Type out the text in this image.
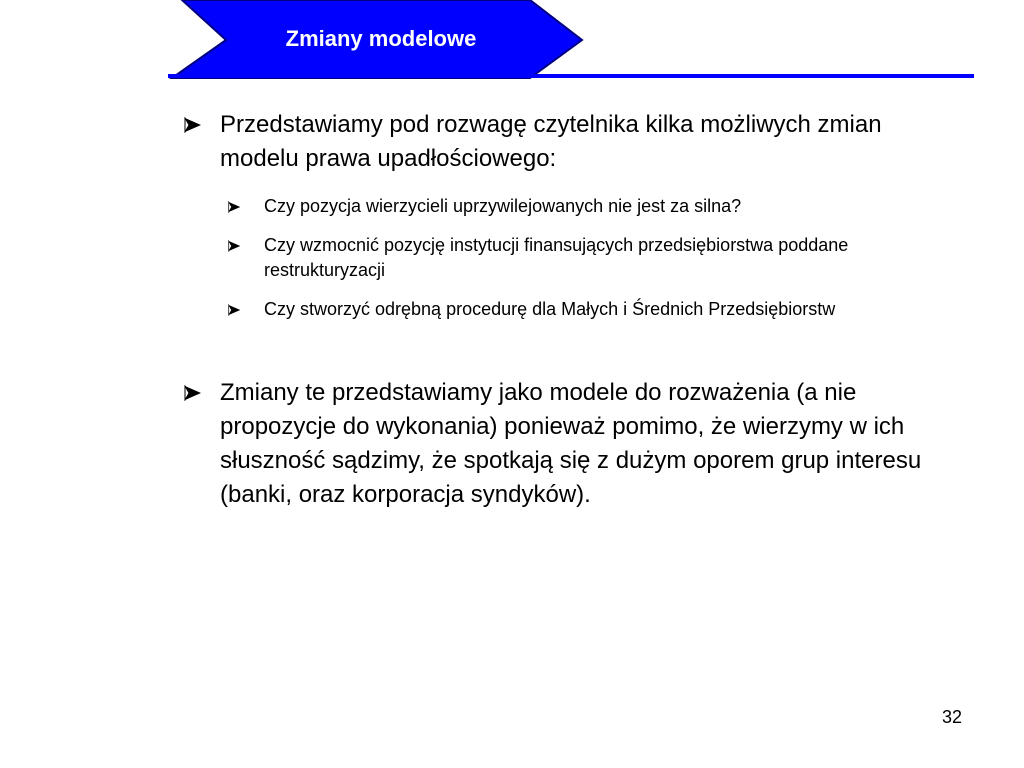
Zmiany modelowe
Przedstawiamy pod rozwagę czytelnika kilka możliwych zmian modelu prawa upadłościowego:
Czy pozycja wierzycieli uprzywilejowanych nie jest za silna?
Czy wzmocnić pozycję instytucji finansujących przedsiębiorstwa poddane restrukturyzacji
Czy stworzyć odrębną procedurę dla Małych i Średnich Przedsiębiorstw
Zmiany te przedstawiamy jako modele do rozważenia (a nie propozycje do wykonania) ponieważ pomimo, że wierzymy w ich słuszność sądzimy, że spotkają się z dużym oporem grup interesu (banki, oraz korporacja syndyków).
32
